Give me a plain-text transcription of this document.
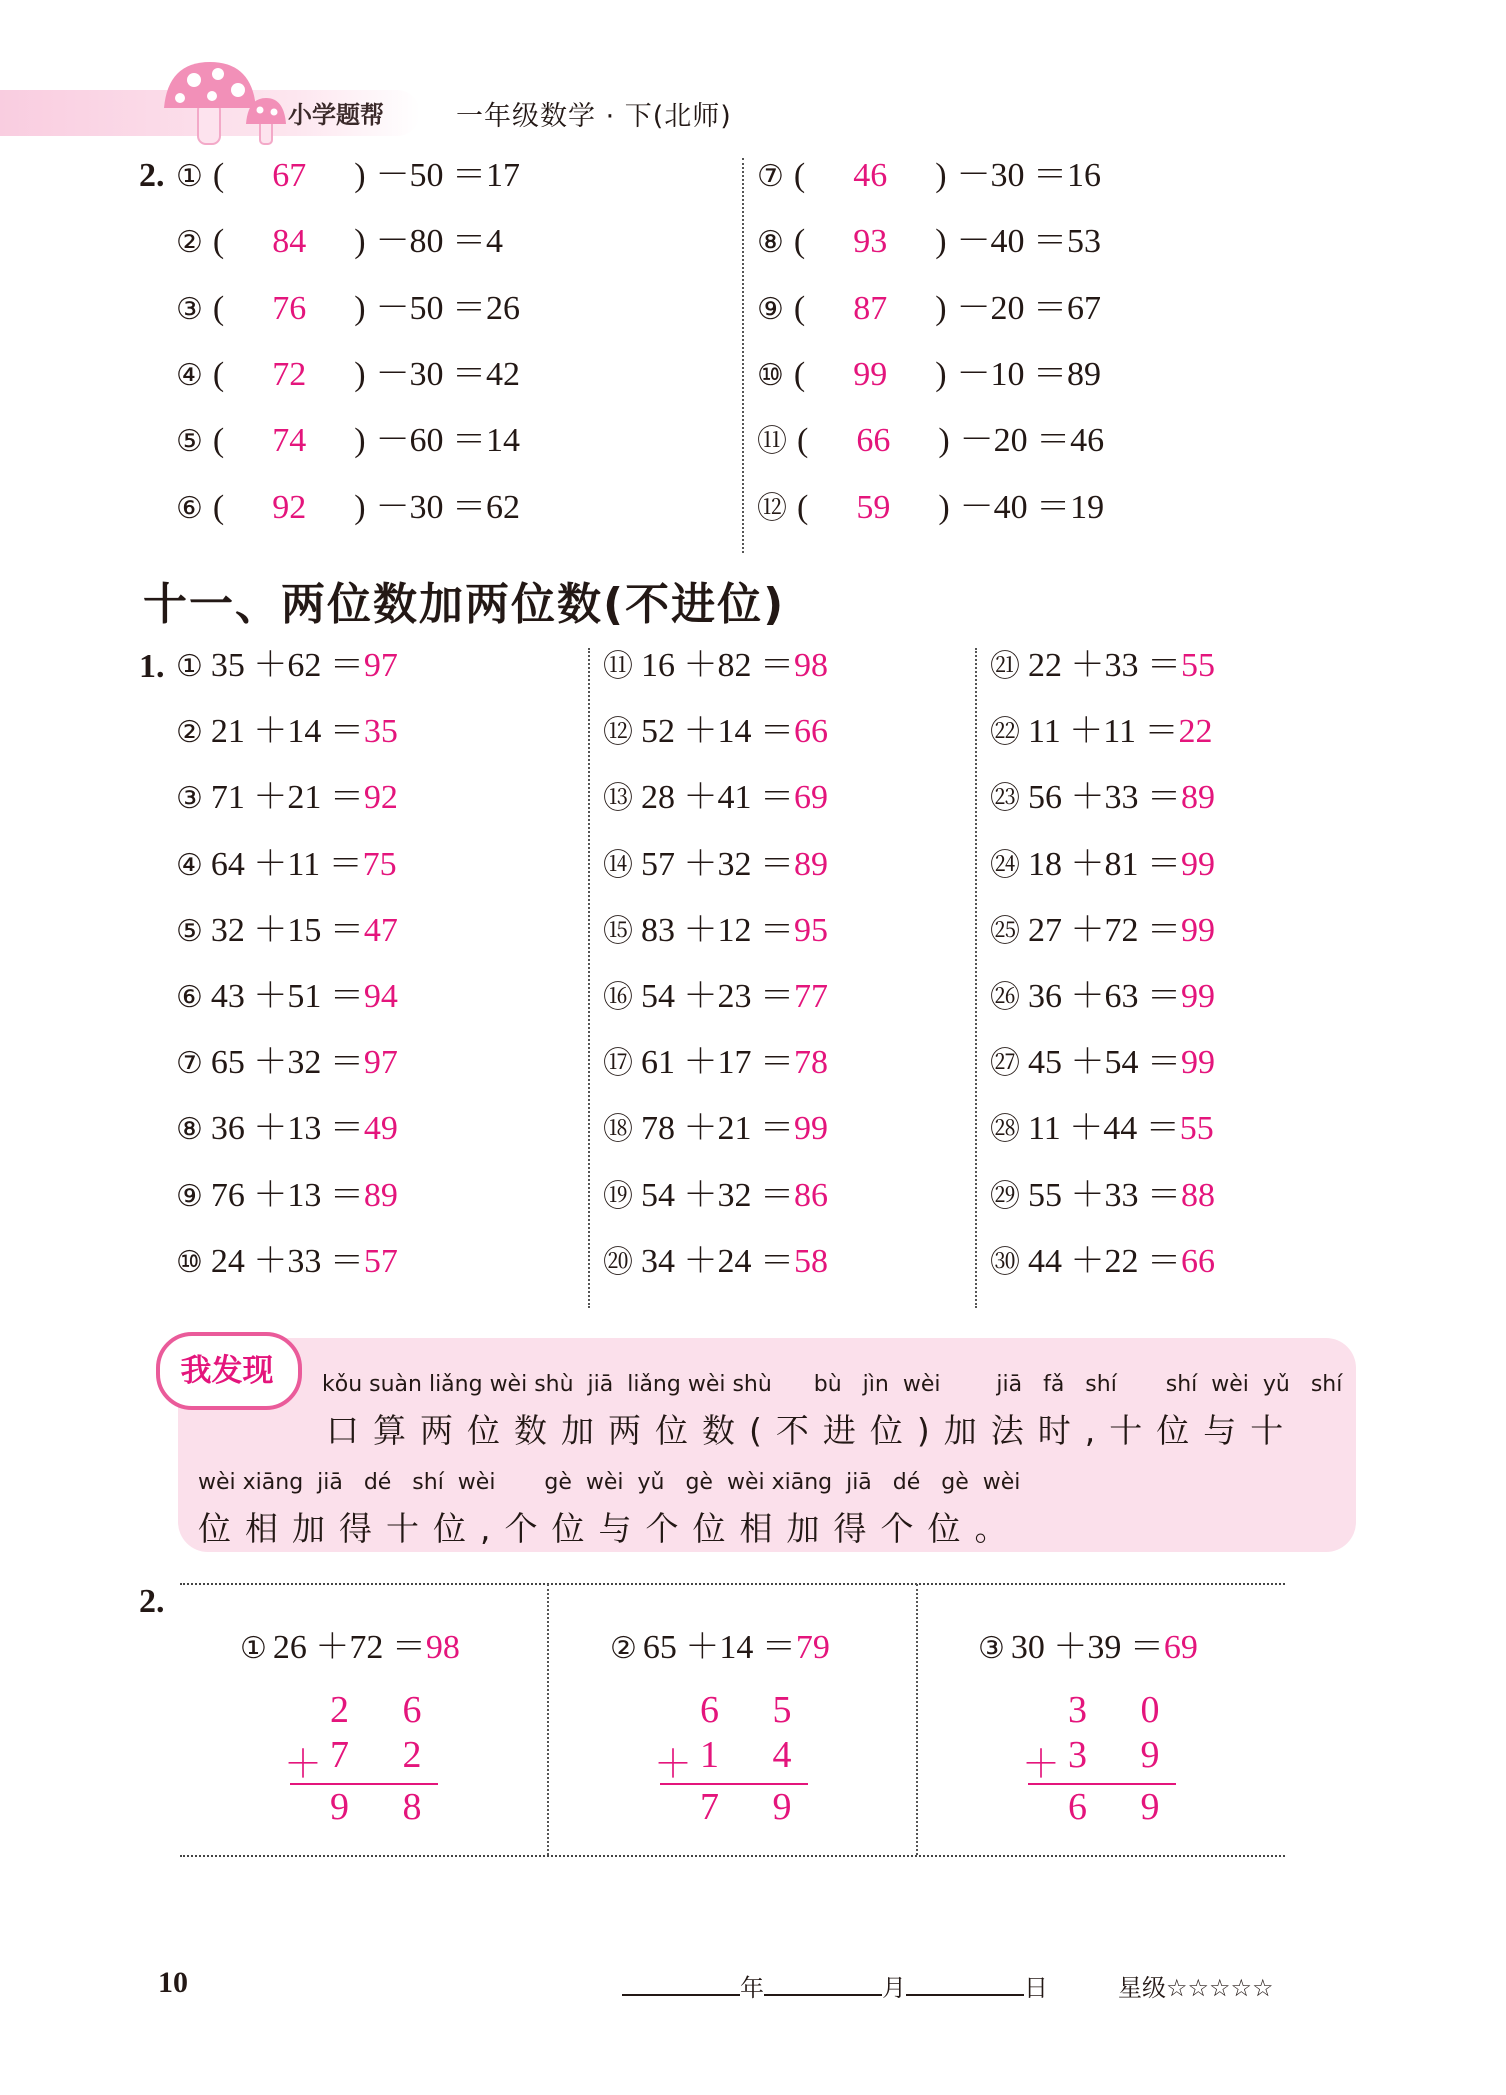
小学题帮	一年级数学 · 下(北师)
2. ① ( 67 ) －50 ＝17
② ( 84 ) －80 ＝4
③ ( 76 ) －50 ＝26
④ ( 72 ) －30 ＝42
⑤ ( 74 ) －60 ＝14
⑥ ( 92 ) －30 ＝62
⑦ ( 46 ) －30 ＝16
⑧ ( 93 ) －40 ＝53
⑨ ( 87 ) －20 ＝67
⑩ ( 99 ) －10 ＝89
⑪ ( 66 ) －20 ＝46
⑫ ( 59 ) －40 ＝19
十一、两位数加两位数(不进位)
1. ① 35 ＋62 ＝97
② 21 ＋14 ＝35
③ 71 ＋21 ＝92
④ 64 ＋11 ＝75
⑤ 32 ＋15 ＝47
⑥ 43 ＋51 ＝94
⑦ 65 ＋32 ＝97
⑧ 36 ＋13 ＝49
⑨ 76 ＋13 ＝89
⑩ 24 ＋33 ＝57
⑪ 16 ＋82 ＝98
⑫ 52 ＋14 ＝66
⑬ 28 ＋41 ＝69
⑭ 57 ＋32 ＝89
⑮ 83 ＋12 ＝95
⑯ 54 ＋23 ＝77
⑰ 61 ＋17 ＝78
⑱ 78 ＋21 ＝99
⑲ 54 ＋32 ＝86
⑳ 34 ＋24 ＝58
㉑ 22 ＋33 ＝55
㉒ 11 ＋11 ＝22
㉓ 56 ＋33 ＝89
㉔ 18 ＋81 ＝99
㉕ 27 ＋72 ＝99
㉖ 36 ＋63 ＝99
㉗ 45 ＋54 ＝99
㉘ 11 ＋44 ＝55
㉙ 55 ＋33 ＝88
㉚ 44 ＋22 ＝66
我发现	kǒu suàn liǎng wèi shù  jiā  liǎng wèi shù      bù   jìn  wèi        jiā   fǎ   shí       shí  wèi  yǔ   shí
口算两位数加两位数(不进位)加法时,十位与十
wèi xiāng  jiā   dé   shí  wèi       gè  wèi  yǔ   gè  wèi xiāng  jiā   dé   gè  wèi
位相加得十位,个位与个位相加得个位。
2.
① 26 ＋72 ＝98
2 6
＋ 7 2
9 8
② 65 ＋14 ＝79
6 5
＋ 1 4
7 9
③ 30 ＋39 ＝69
3 0
＋ 3 9
6 9
10	年	月	日	星级☆☆☆☆☆
